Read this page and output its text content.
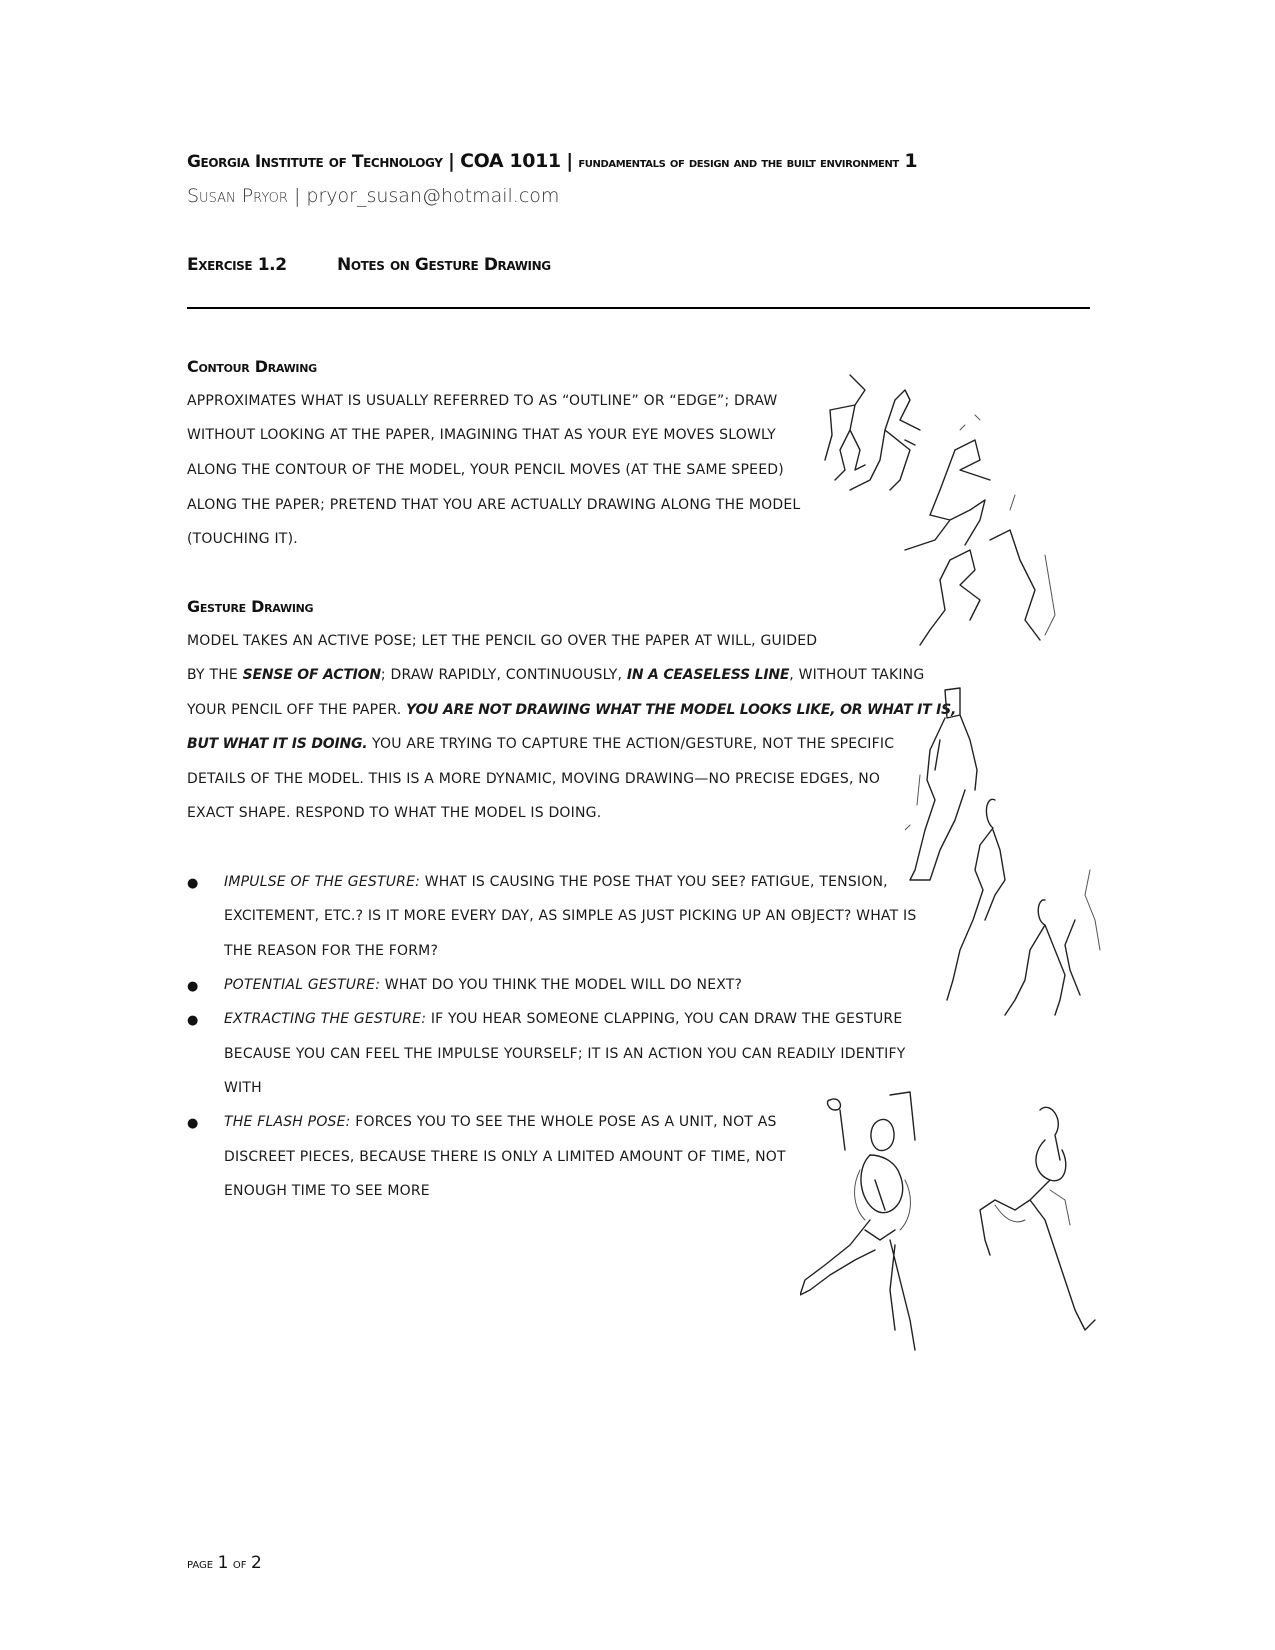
Georgia Institute of Technology | COA 1011 | fundamentals of design and the built environment 1
Susan Pryor | pryor_susan@hotmail.com
Exercise 1.2	Notes on Gesture Drawing
Contour Drawing
APPROXIMATES WHAT IS USUALLY REFERRED TO AS “OUTLINE” OR “EDGE”; DRAW
WITHOUT LOOKING AT THE PAPER, IMAGINING THAT AS YOUR EYE MOVES SLOWLY
ALONG THE CONTOUR OF THE MODEL, YOUR PENCIL MOVES (AT THE SAME SPEED)
ALONG THE PAPER; PRETEND THAT YOU ARE ACTUALLY DRAWING ALONG THE MODEL
(TOUCHING IT).
Gesture Drawing
MODEL TAKES AN ACTIVE POSE; LET THE PENCIL GO OVER THE PAPER AT WILL, GUIDED
BY THE SENSE OF ACTION; DRAW RAPIDLY, CONTINUOUSLY, IN A CEASELESS LINE, WITHOUT TAKING
YOUR PENCIL OFF THE PAPER. YOU ARE NOT DRAWING WHAT THE MODEL LOOKS LIKE, OR WHAT IT IS,
BUT WHAT IT IS DOING. YOU ARE TRYING TO CAPTURE THE ACTION/GESTURE, NOT THE SPECIFIC
DETAILS OF THE MODEL. THIS IS A MORE DYNAMIC, MOVING DRAWING—NO PRECISE EDGES, NO
EXACT SHAPE. RESPOND TO WHAT THE MODEL IS DOING.
● IMPULSE OF THE GESTURE: WHAT IS CAUSING THE POSE THAT YOU SEE? FATIGUE, TENSION,
EXCITEMENT, ETC.? IS IT MORE EVERY DAY, AS SIMPLE AS JUST PICKING UP AN OBJECT? WHAT IS
THE REASON FOR THE FORM?
● POTENTIAL GESTURE: WHAT DO YOU THINK THE MODEL WILL DO NEXT?
● EXTRACTING THE GESTURE: IF YOU HEAR SOMEONE CLAPPING, YOU CAN DRAW THE GESTURE
BECAUSE YOU CAN FEEL THE IMPULSE YOURSELF; IT IS AN ACTION YOU CAN READILY IDENTIFY
WITH
● THE FLASH POSE: FORCES YOU TO SEE THE WHOLE POSE AS A UNIT, NOT AS
DISCREET PIECES, BECAUSE THERE IS ONLY A LIMITED AMOUNT OF TIME, NOT
ENOUGH TIME TO SEE MORE
page 1 of 2
